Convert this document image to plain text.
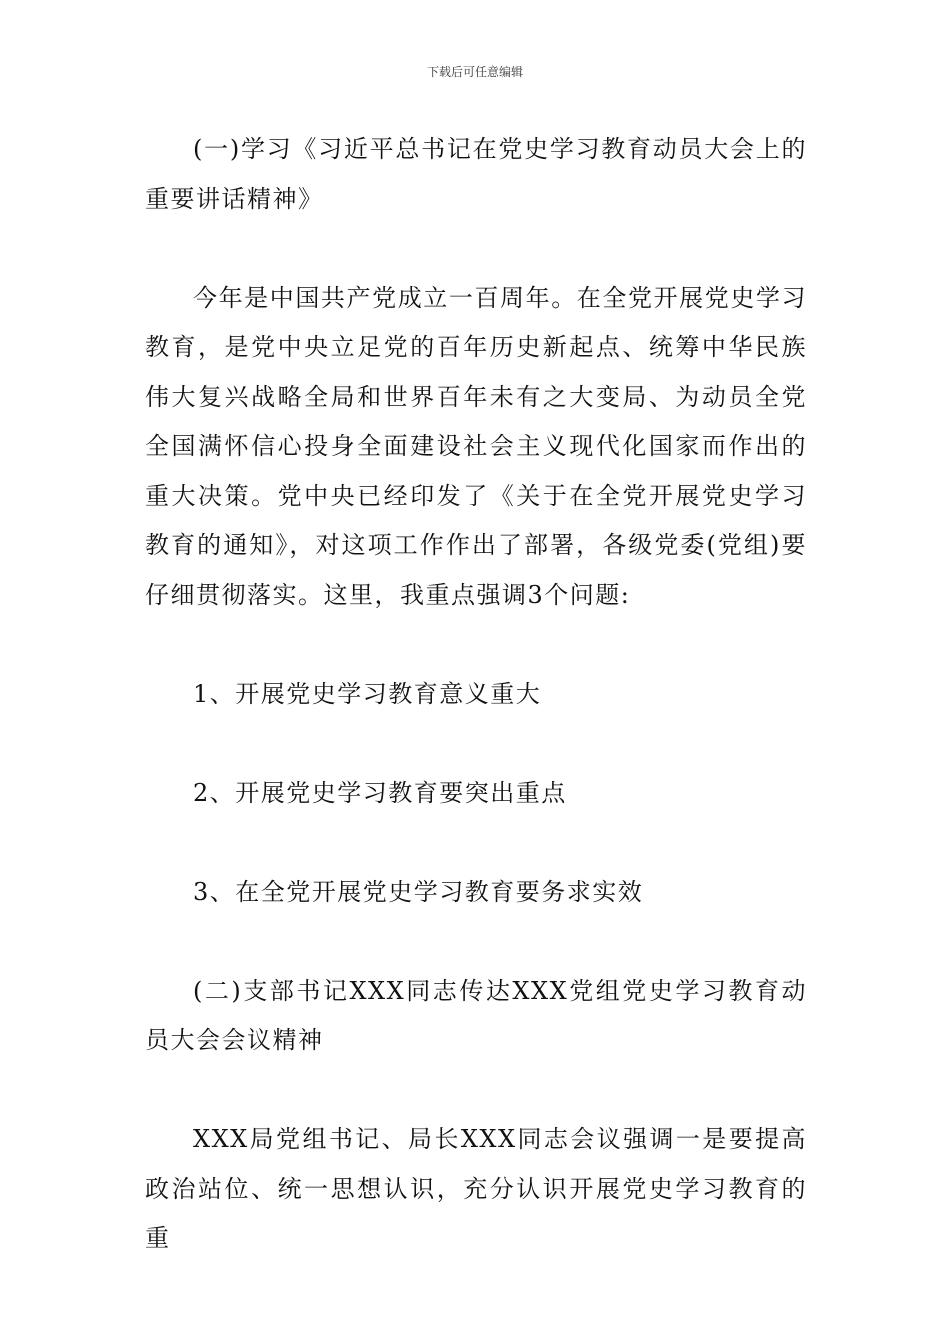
下载后可任意编辑

(一)学习《习近平总书记在党史学习教育动员大会上的重要讲话精神》

今年是中国共产党成立一百周年。在全党开展党史学习教育，是党中央立足党的百年历史新起点、统筹中华民族伟大复兴战略全局和世界百年未有之大变局、为动员全党全国满怀信心投身全面建设社会主义现代化国家而作出的重大决策。党中央已经印发了《关于在全党开展党史学习教育的通知》，对这项工作作出了部署，各级党委(党组)要仔细贯彻落实。这里，我重点强调3个问题:

1、开展党史学习教育意义重大

2、开展党史学习教育要突出重点

3、在全党开展党史学习教育要务求实效

(二)支部书记XXX同志传达XXX党组党史学习教育动员大会会议精神

XXX局党组书记、局长XXX同志会议强调一是要提高政治站位、统一思想认识，充分认识开展党史学习教育的重
